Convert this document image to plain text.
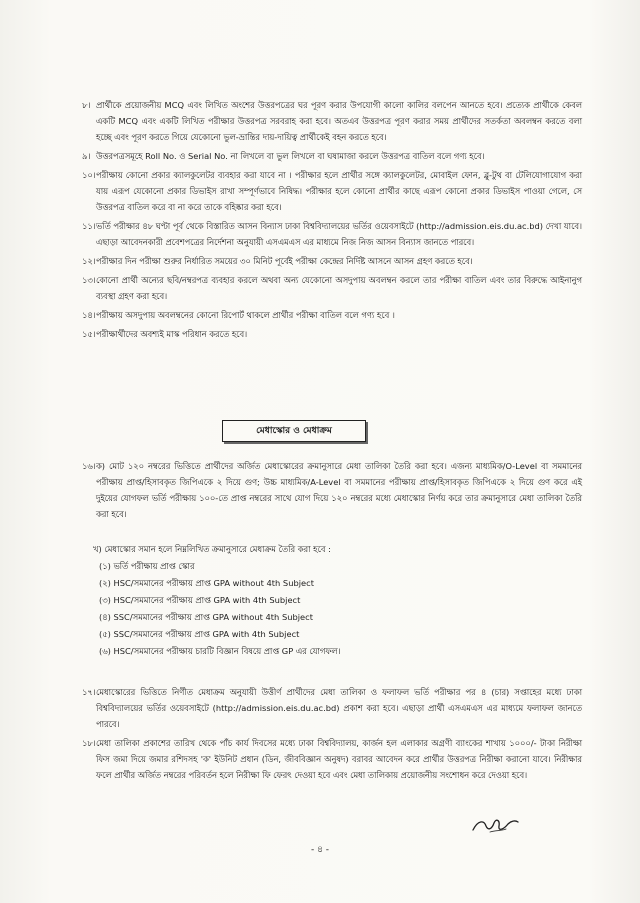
৮। প্রার্থীকে প্রয়োজনীয় MCQ এবং লিখিত অংশের উত্তরপত্রের ঘর পূরণ করার উপযোগী কালো কালির বলপেন আনতে হবে। প্রত্যেক প্রার্থীকে কেবল একটি MCQ এবং একটি লিখিত পরীক্ষার উত্তরপত্র সরবরাহ করা হবে। অতএব উত্তরপত্র পূরণ করার সময় প্রার্থীদের সতর্কতা অবলম্বন করতে বলা হচ্ছে এবং পূরণ করতে গিয়ে যেকোনো ভুল-ভ্রান্তির দায়-দায়িত্ব প্রার্থীকেই বহন করতে হবে।
৯। উত্তরপত্রসমূহে Roll No. ও Serial No. না লিখলে বা ভুল লিখলে বা ঘষামাজা করলে উত্তরপত্র বাতিল বলে গণ্য হবে।
১০। পরীক্ষায় কোনো প্রকার ক্যালকুলেটর ব্যবহার করা যাবে না । পরীক্ষার হলে প্রার্থীর সঙ্গে ক্যালকুলেটর, মোবাইল ফোন, ব্লু-টুথ বা টেলিযোগাযোগ করা যায় এরূপ যেকোনো প্রকার ডিভাইস রাখা সম্পূর্ণভাবে নিষিদ্ধ। পরীক্ষার হলে কোনো প্রার্থীর কাছে এরূপ কোনো প্রকার ডিভাইস পাওয়া গেলে, সে উত্তরপত্র বাতিল করে বা না করে তাকে বহিষ্কার করা হবে।
১১। ভর্তি পরীক্ষার ৪৮ ঘণ্টা পূর্ব থেকে বিস্তারিত আসন বিন্যাস ঢাকা বিশ্ববিদ্যালয়ের ভর্তির ওয়েবসাইটে (http://admission.eis.du.ac.bd) দেখা যাবে। এছাড়া আবেদনকারী প্রবেশপত্রের নির্দেশনা অনুযায়ী এসএমএস এর মাধ্যমে নিজ নিজ আসন বিন্যাস জানতে পারবে।
১২। পরীক্ষার দিন পরীক্ষা শুরুর নির্ধারিত সময়ের ৩০ মিনিট পূর্বেই পরীক্ষা কেন্দ্রের নির্দিষ্ট আসনে আসন গ্রহণ করতে হবে।
১৩। কোনো প্রার্থী অন্যের ছবি/নম্বরপত্র ব্যবহার করলে অথবা অন্য যেকোনো অসদুপায় অবলম্বন করলে তার পরীক্ষা বাতিল এবং তার বিরুদ্ধে আইনানুগ ব্যবস্থা গ্রহণ করা হবে।
১৪। পরীক্ষায় অসদুপায় অবলম্বনের কোনো রিপোর্ট থাকলে প্রার্থীর পরীক্ষা বাতিল বলে গণ্য হবে ।
১৫। পরীক্ষার্থীদের অবশ্যই মাস্ক পরিধান করতে হবে।
মেধাস্কোর ও মেধাক্রম
১৬। ক) মোট ১২০ নম্বরের ভিত্তিতে প্রার্থীদের অর্জিত মেধাস্কোরের ক্রমানুসারে মেধা তালিকা তৈরি করা হবে। এজন্য মাধ্যমিক/O-Level বা সমমানের পরীক্ষায় প্রাপ্ত/হিসাবকৃত জিপিএকে ২ দিয়ে গুণ; উচ্চ মাধ্যমিক/A-Level বা সমমানের পরীক্ষায় প্রাপ্ত/হিসাবকৃত জিপিএকে ২ দিয়ে গুণ করে এই দুইয়ের যোগফল ভর্তি পরীক্ষায় ১০০-তে প্রাপ্ত নম্বরের সাথে যোগ দিয়ে ১২০ নম্বরের মধ্যে মেধাস্কোর নির্ণয় করে তার ক্রমানুসারে মেধা তালিকা তৈরি করা হবে।
খ) মেধাস্কোর সমান হলে নিম্নলিখিত ক্রমানুসারে মেধাক্রম তৈরি করা হবে :
(১) ভর্তি পরীক্ষায় প্রাপ্ত স্কোর
(২) HSC/সমমানের পরীক্ষায় প্রাপ্ত GPA without 4th Subject
(৩) HSC/সমমানের পরীক্ষায় প্রাপ্ত GPA with 4th Subject
(৪) SSC/সমমানের পরীক্ষায় প্রাপ্ত GPA without 4th Subject
(৫) SSC/সমমানের পরীক্ষায় প্রাপ্ত GPA with 4th Subject
(৬) HSC/সমমানের পরীক্ষায় চারটি বিজ্ঞান বিষয়ে প্রাপ্ত GP এর যোগফল।
১৭। মেধাস্কোরের ভিত্তিতে নির্ণীত মেধাক্রম অনুযায়ী উত্তীর্ণ প্রার্থীদের মেধা তালিকা ও ফলাফল ভর্তি পরীক্ষার পর ৪ (চার) সপ্তাহের মধ্যে ঢাকা বিশ্ববিদ্যালয়ের ভর্তির ওয়েবসাইটে (http://admission.eis.du.ac.bd) প্রকাশ করা হবে। এছাড়া প্রার্থী এসএমএস এর মাধ্যমে ফলাফল জানতে পারবে।
১৮। মেধা তালিকা প্রকাশের তারিখ থেকে পাঁচ কার্য দিবসের মধ্যে ঢাকা বিশ্ববিদ্যালয়, কার্জন হল এলাকার অগ্রণী ব্যাংকের শাখায় ১০০০/- টাকা নিরীক্ষা ফিস জমা দিয়ে জমার রশিদসহ 'ক' ইউনিট প্রধান (ডিন, জীববিজ্ঞান অনুষদ) বরাবর আবেদন করে প্রার্থীর উত্তরপত্র নিরীক্ষা করানো যাবে। নিরীক্ষার ফলে প্রার্থীর অর্জিত নম্বরের পরিবর্তন হলে নিরীক্ষা ফি ফেরৎ দেওয়া হবে এবং মেধা তালিকায় প্রয়োজনীয় সংশোধন করে দেওয়া হবে।
- ৪ -
